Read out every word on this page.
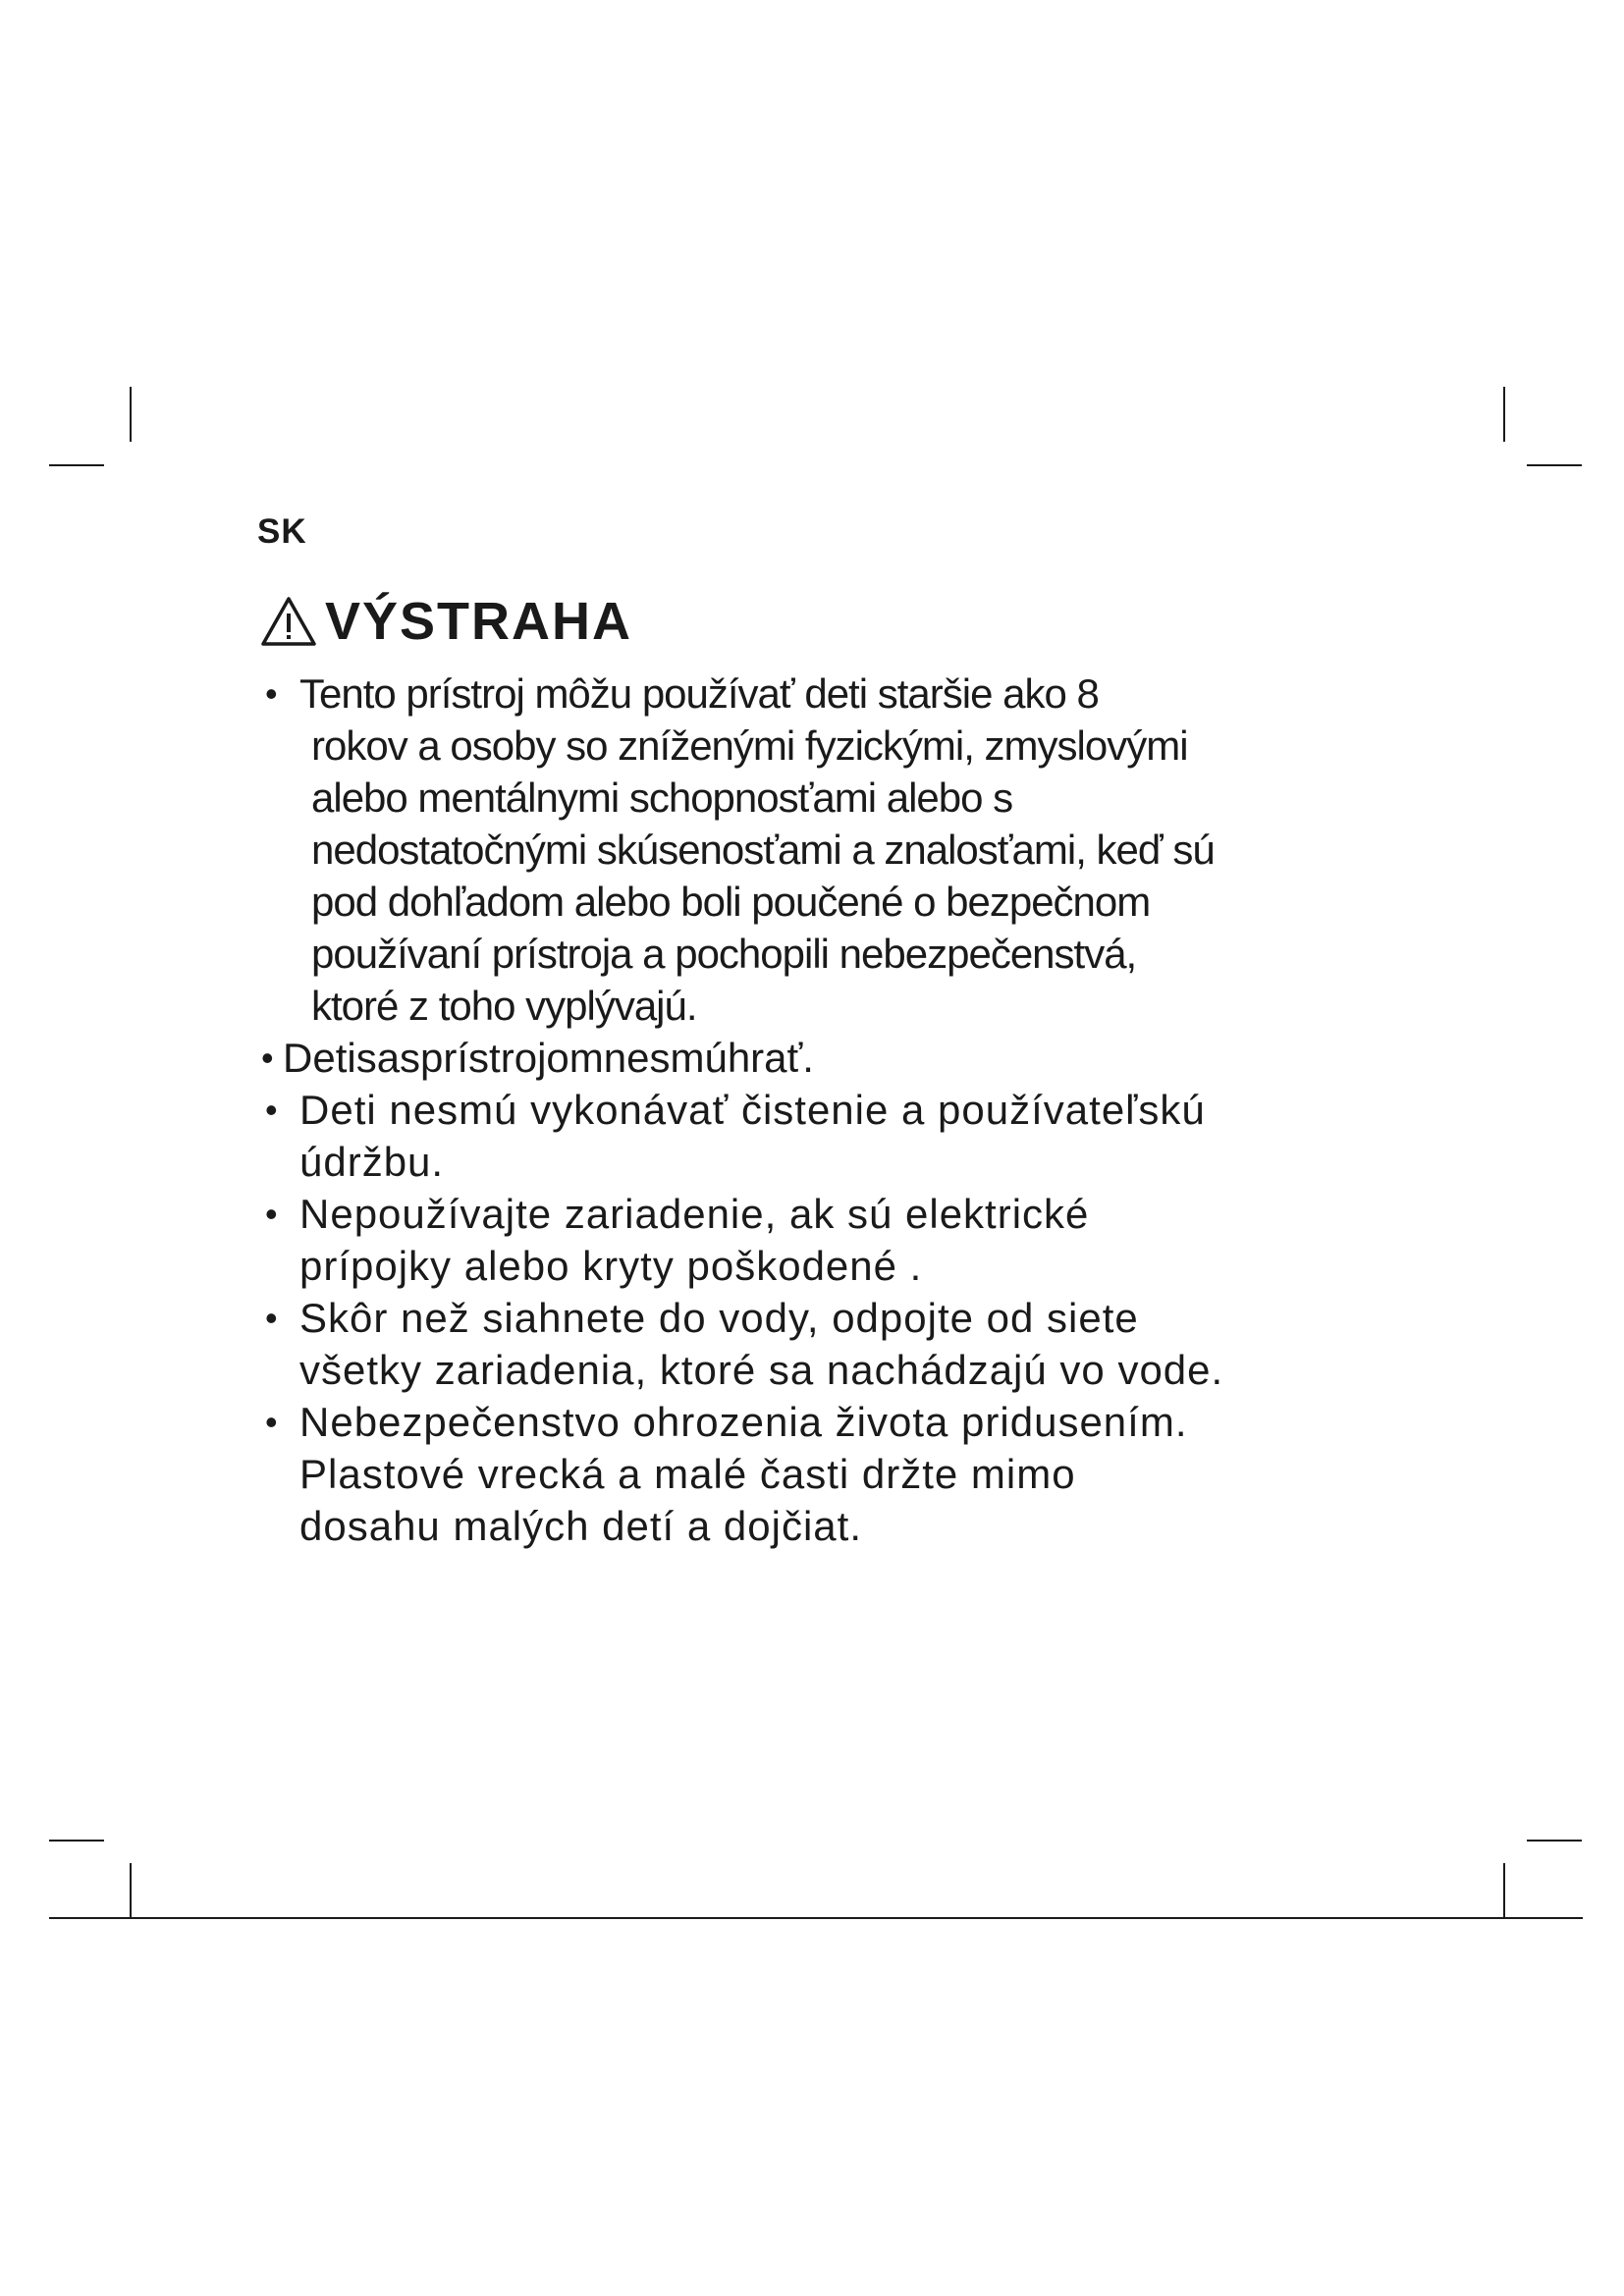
SK
VÝSTRAHA
• Tento prístroj môžu používať deti staršie ako 8
rokov a osoby so zníženými fyzickými, zmyslovými
alebo mentálnymi schopnosťami alebo s
nedostatočnými skúsenosťami a znalosťami, keď sú
pod dohľadom alebo boli poučené o bezpečnom
používaní prístroja a pochopili nebezpečenstvá,
ktoré z toho vyplývajú.
• Detisasprístrojomnesmúhrať.
• Deti nesmú vykonávať čistenie a používateľskú
údržbu.
• Nepoužívajte zariadenie, ak sú elektrické
prípojky alebo kryty poškodené .
• Skôr než siahnete do vody, odpojte od siete
všetky zariadenia, ktoré sa nachádzajú vo vode.
• Nebezpečenstvo ohrozenia života pridusením.
Plastové vrecká a malé časti držte mimo
dosahu malých detí a dojčiat.
